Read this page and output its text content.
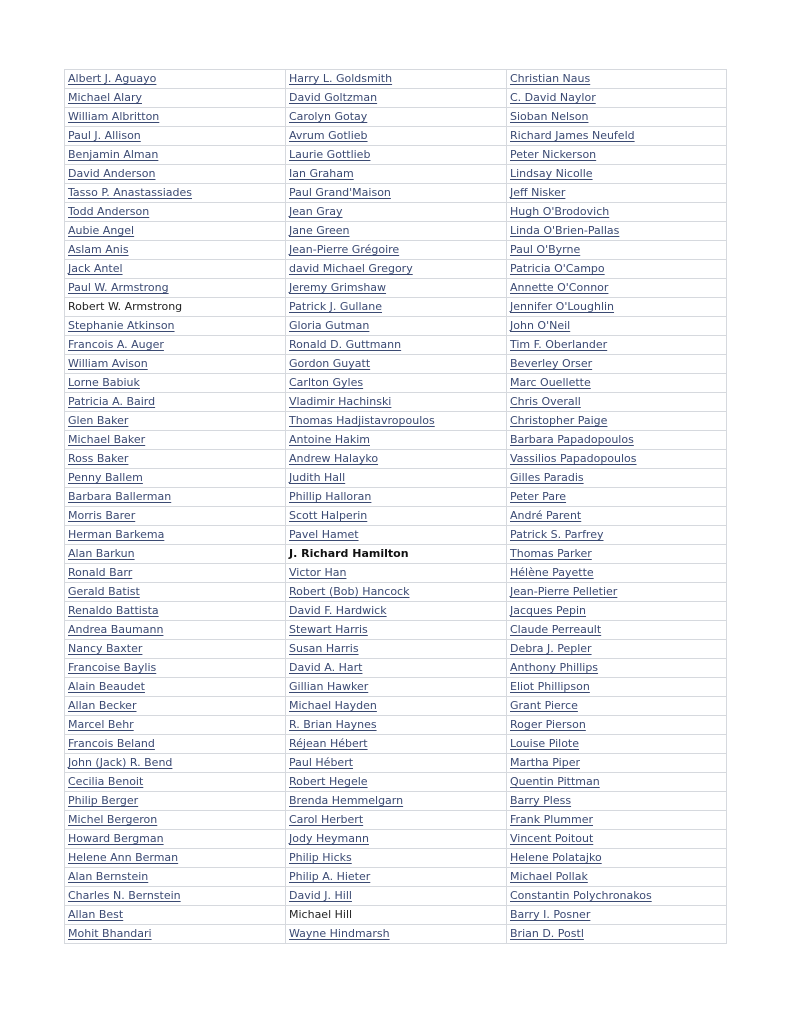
Albert J. Aguayo	Harry L. Goldsmith	Christian Naus
Michael Alary	David Goltzman	C. David Naylor
William Albritton	Carolyn Gotay	Sioban Nelson
Paul J. Allison	Avrum Gotlieb	Richard James Neufeld
Benjamin Alman	Laurie Gottlieb	Peter Nickerson
David Anderson	Ian Graham	Lindsay Nicolle
Tasso P. Anastassiades	Paul Grand'Maison	Jeff Nisker
Todd Anderson	Jean Gray	Hugh O'Brodovich
Aubie Angel	Jane Green	Linda O'Brien-Pallas
Aslam Anis	Jean-Pierre Grégoire	Paul O'Byrne
Jack Antel	david Michael Gregory	Patricia O'Campo
Paul W. Armstrong	Jeremy Grimshaw	Annette O'Connor
Robert W. Armstrong	Patrick J. Gullane	Jennifer O'Loughlin
Stephanie Atkinson	Gloria Gutman	John O'Neil
Francois A. Auger	Ronald D. Guttmann	Tim F. Oberlander
William Avison	Gordon Guyatt	Beverley Orser
Lorne Babiuk	Carlton Gyles	Marc Ouellette
Patricia A. Baird	Vladimir Hachinski	Chris Overall
Glen Baker	Thomas Hadjistavropoulos	Christopher Paige
Michael Baker	Antoine Hakim	Barbara Papadopoulos
Ross Baker	Andrew Halayko	Vassilios Papadopoulos
Penny Ballem	Judith Hall	Gilles Paradis
Barbara Ballerman	Phillip Halloran	Peter Pare
Morris Barer	Scott Halperin	André Parent
Herman Barkema	Pavel Hamet	Patrick S. Parfrey
Alan Barkun	J. Richard Hamilton	Thomas Parker
Ronald Barr	Victor Han	Hélène Payette
Gerald Batist	Robert (Bob) Hancock	Jean-Pierre Pelletier
Renaldo Battista	David F. Hardwick	Jacques Pepin
Andrea Baumann	Stewart Harris	Claude Perreault
Nancy Baxter	Susan Harris	Debra J. Pepler
Francoise Baylis	David A. Hart	Anthony Phillips
Alain Beaudet	Gillian Hawker	Eliot Phillipson
Allan Becker	Michael Hayden	Grant Pierce
Marcel Behr	R. Brian Haynes	Roger Pierson
Francois Beland	Réjean Hébert	Louise Pilote
John (Jack) R. Bend	Paul Hébert	Martha Piper
Cecilia Benoit	Robert Hegele	Quentin Pittman
Philip Berger	Brenda Hemmelgarn	Barry Pless
Michel Bergeron	Carol Herbert	Frank Plummer
Howard Bergman	Jody Heymann	Vincent Poitout
Helene Ann Berman	Philip Hicks	Helene Polatajko
Alan Bernstein	Philip A. Hieter	Michael Pollak
Charles N. Bernstein	David J. Hill	Constantin Polychronakos
Allan Best	Michael Hill	Barry I. Posner
Mohit Bhandari	Wayne Hindmarsh	Brian D. Postl
